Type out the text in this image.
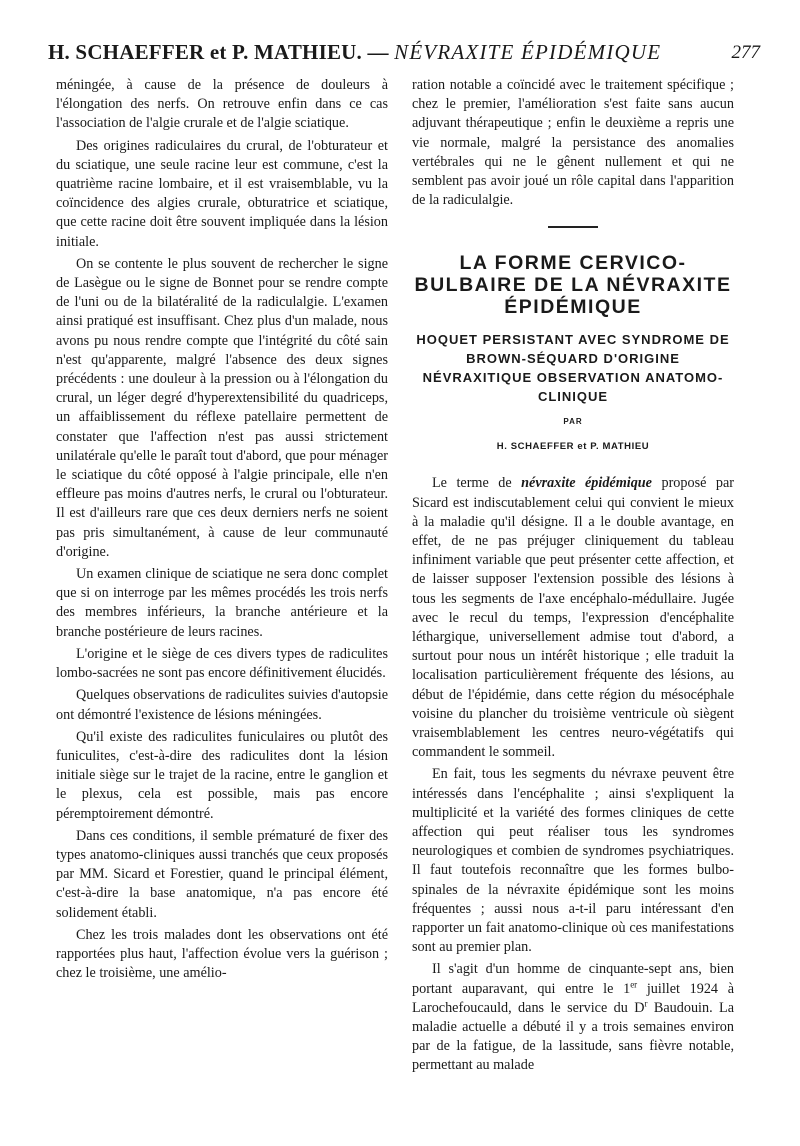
H. SCHAEFFER et P. MATHIEU. — NÉVRAXITE ÉPIDÉMIQUE	277

méningée, à cause de la présence de douleurs à l'élongation des nerfs. On retrouve enfin dans ce cas l'association de l'algie crurale et de l'algie sciatique.

Des origines radiculaires du crural, de l'obturateur et du sciatique, une seule racine leur est commune, c'est la quatrième racine lombaire, et il est vraisemblable, vu la coïncidence des algies crurale, obturatrice et sciatique, que cette racine doit être souvent impliquée dans la lésion initiale.

On se contente le plus souvent de rechercher le signe de Lasègue ou le signe de Bonnet pour se rendre compte de l'uni ou de la bilatéralité de la radiculalgie. L'examen ainsi pratiqué est insuffisant. Chez plus d'un malade, nous avons pu nous rendre compte que l'intégrité du côté sain n'est qu'apparente, malgré l'absence des deux signes précédents : une douleur à la pression ou à l'élongation du crural, un léger degré d'hyperextensibilité du quadriceps, un affaiblissement du réflexe patellaire permettent de constater que l'affection n'est pas aussi strictement unilatérale qu'elle le paraît tout d'abord, que pour ménager le sciatique du côté opposé à l'algie principale, elle n'en effleure pas moins d'autres nerfs, le crural ou l'obturateur. Il est d'ailleurs rare que ces deux derniers nerfs ne soient pas pris simultanément, à cause de leur communauté d'origine.

Un examen clinique de sciatique ne sera donc complet que si on interroge par les mêmes procédés les trois nerfs des membres inférieurs, la branche antérieure et la branche postérieure de leurs racines.

L'origine et le siège de ces divers types de radiculites lombo-sacrées ne sont pas encore définitivement élucidés.

Quelques observations de radiculites suivies d'autopsie ont démontré l'existence de lésions méningées.

Qu'il existe des radiculites funiculaires ou plutôt des funiculites, c'est-à-dire des radiculites dont la lésion initiale siège sur le trajet de la racine, entre le ganglion et le plexus, cela est possible, mais pas encore péremptoirement démontré.

Dans ces conditions, il semble prématuré de fixer des types anatomo-cliniques aussi tranchés que ceux proposés par MM. Sicard et Forestier, quand le principal élément, c'est-à-dire la base anatomique, n'a pas encore été solidement établi.

Chez les trois malades dont les observations ont été rapportées plus haut, l'affection évolue vers la guérison ; chez le troisième, une amélio-

ration notable a coïncidé avec le traitement spécifique ; chez le premier, l'amélioration s'est faite sans aucun adjuvant thérapeutique ; enfin le deuxième a repris une vie normale, malgré la persistance des anomalies vertébrales qui ne le gênent nullement et qui ne semblent pas avoir joué un rôle capital dans l'apparition de la radiculalgie.

LA FORME CERVICO-BULBAIRE DE LA NÉVRAXITE ÉPIDÉMIQUE
HOQUET PERSISTANT AVEC SYNDROME DE BROWN-SÉQUARD D'ORIGINE NÉVRAXITIQUE OBSERVATION ANATOMO-CLINIQUE
PAR
H. SCHAEFFER et P. MATHIEU

Le terme de névraxite épidémique proposé par Sicard est indiscutablement celui qui convient le mieux à la maladie qu'il désigne. Il a le double avantage, en effet, de ne pas préjuger cliniquement du tableau infiniment variable que peut présenter cette affection, et de laisser supposer l'extension possible des lésions à tous les segments de l'axe encéphalo-médullaire. Jugée avec le recul du temps, l'expression d'encéphalite léthargique, universellement admise tout d'abord, a surtout pour nous un intérêt historique ; elle traduit la localisation particulièrement fréquente des lésions, au début de l'épidémie, dans cette région du mésocéphale voisine du plancher du troisième ventricule où siègent vraisemblablement les centres neuro-végétatifs qui commandent le sommeil.

En fait, tous les segments du névraxe peuvent être intéressés dans l'encéphalite ; ainsi s'expliquent la multiplicité et la variété des formes cliniques de cette affection qui peut réaliser tous les syndromes neurologiques et combien de syndromes psychiatriques. Il faut toutefois reconnaître que les formes bulbo-spinales de la névraxite épidémique sont les moins fréquentes ; aussi nous a-t-il paru intéressant d'en rapporter un fait anatomo-clinique où ces manifestations sont au premier plan.

Il s'agit d'un homme de cinquante-sept ans, bien portant auparavant, qui entre le 1er juillet 1924 à Larochefoucauld, dans le service du $D^r$ Baudouin. La maladie actuelle a débuté il y a trois semaines environ par de la fatigue, de la lassitude, sans fièvre notable, permettant au malade
